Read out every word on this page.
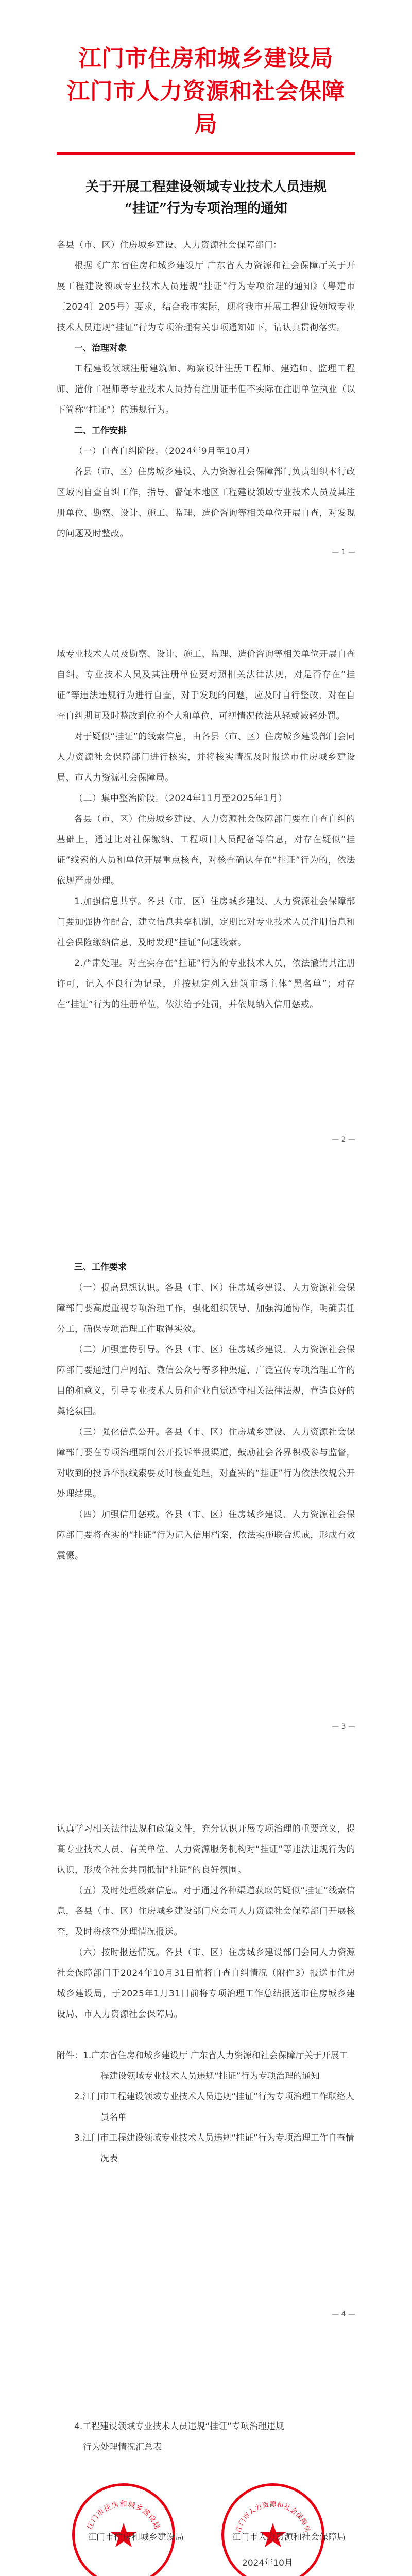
江门市住房和城乡建设局
江门市人力资源和社会保障局
关于开展工程建设领域专业技术人员违规
“挂证”行为专项治理的通知

各县（市、区）住房城乡建设、人力资源社会保障部门：

根据《广东省住房和城乡建设厅 广东省人力资源和社会保障厅关于开展工程建设领域专业技术人员违规“挂证”行为专项治理的通知》（粤建市〔2024〕205号）要求，结合我市实际，现将我市开展工程建设领域专业技术人员违规“挂证”行为专项治理有关事项通知如下，请认真贯彻落实。

一、治理对象

工程建设领域注册建筑师、勘察设计注册工程师、建造师、监理工程师、造价工程师等专业技术人员持有注册证书但不实际在注册单位执业（以下简称“挂证”）的违规行为。

二、工作安排

（一）自查自纠阶段。（2024年9月至10月）

各县（市、区）住房城乡建设、人力资源社会保障部门负责组织本行政区域内自查自纠工作，指导、督促本地区工程建设领域专业技术人员及其注册单位、勘察、设计、施工、监理、造价咨询等相关单位开展自查，对发现的问题及时整改。

— 1 —

域专业技术人员及勘察、设计、施工、监理、造价咨询等相关单位开展自查自纠。专业技术人员及其注册单位要对照相关法律法规，对是否存在“挂证”等违法违规行为进行自查，对于发现的问题，应及时自行整改，对在自查自纠期间及时整改到位的个人和单位，可视情况依法从轻或减轻处罚。

对于疑似“挂证”的线索信息，由各县（市、区）住房城乡建设部门会同人力资源社会保障部门进行核实，并将核实情况及时报送市住房城乡建设局、市人力资源社会保障局。

（二）集中整治阶段。（2024年11月至2025年1月）

各县（市、区）住房城乡建设、人力资源社会保障部门要在自查自纠的基础上，通过比对社保缴纳、工程项目人员配备等信息，对存在疑似“挂证”线索的人员和单位开展重点核查，对核查确认存在“挂证”行为的，依法依规严肃处理。

1.加强信息共享。各县（市、区）住房城乡建设、人力资源社会保障部门要加强协作配合，建立信息共享机制，定期比对专业技术人员注册信息和社会保险缴纳信息，及时发现“挂证”问题线索。

2.严肃处理。对查实存在“挂证”行为的专业技术人员，依法撤销其注册许可，记入不良行为记录，并按规定列入建筑市场主体“黑名单”；对存在“挂证”行为的注册单位，依法给予处罚，并依规纳入信用惩戒。

— 2 —

三、工作要求

（一）提高思想认识。各县（市、区）住房城乡建设、人力资源社会保障部门要高度重视专项治理工作，强化组织领导，加强沟通协作，明确责任分工，确保专项治理工作取得实效。

（二）加强宣传引导。各县（市、区）住房城乡建设、人力资源社会保障部门要通过门户网站、微信公众号等多种渠道，广泛宣传专项治理工作的目的和意义，引导专业技术人员和企业自觉遵守相关法律法规，营造良好的舆论氛围。

（三）强化信息公开。各县（市、区）住房城乡建设、人力资源社会保障部门要在专项治理期间公开投诉举报渠道，鼓励社会各界积极参与监督，对收到的投诉举报线索要及时核查处理，对查实的“挂证”行为依法依规公开处理结果。

（四）加强信用惩戒。各县（市、区）住房城乡建设、人力资源社会保障部门要将查实的“挂证”行为记入信用档案，依法实施联合惩戒，形成有效震慑。

— 3 —

认真学习相关法律法规和政策文件，充分认识开展专项治理的重要意义，提高专业技术人员、有关单位、人力资源服务机构对“挂证”等违法违规行为的认识，形成全社会共同抵制“挂证”的良好氛围。

（五）及时处理线索信息。对于通过各种渠道获取的疑似“挂证”线索信息，各县（市、区）住房城乡建设部门应会同人力资源社会保障部门开展核查，及时将核查处理情况报送。

（六）按时报送情况。各县（市、区）住房城乡建设部门会同人力资源社会保障部门于2024年10月31日前将自查自纠情况（附件3）报送市住房城乡建设局，于2025年1月31日前将专项治理工作总结报送市住房城乡建设局、市人力资源社会保障局。

附件：1.广东省住房和城乡建设厅 广东省人力资源和社会保障厅关于开展工程建设领域专业技术人员违规“挂证”行为专项治理的通知
2.江门市工程建设领域专业技术人员违规“挂证”行为专项治理工作联络人员名单
3.江门市工程建设领域专业技术人员违规“挂证”行为专项治理工作自查情况表
— 4 —
4.工程建设领域专业技术人员违规“挂证”专项治理违规
行为处理情况汇总表
江门市住房和城乡建设局	江门市人力资源和社会保障局
江门市住房和城乡建设局	江门市人力资源和社会保障局
2024年10月
